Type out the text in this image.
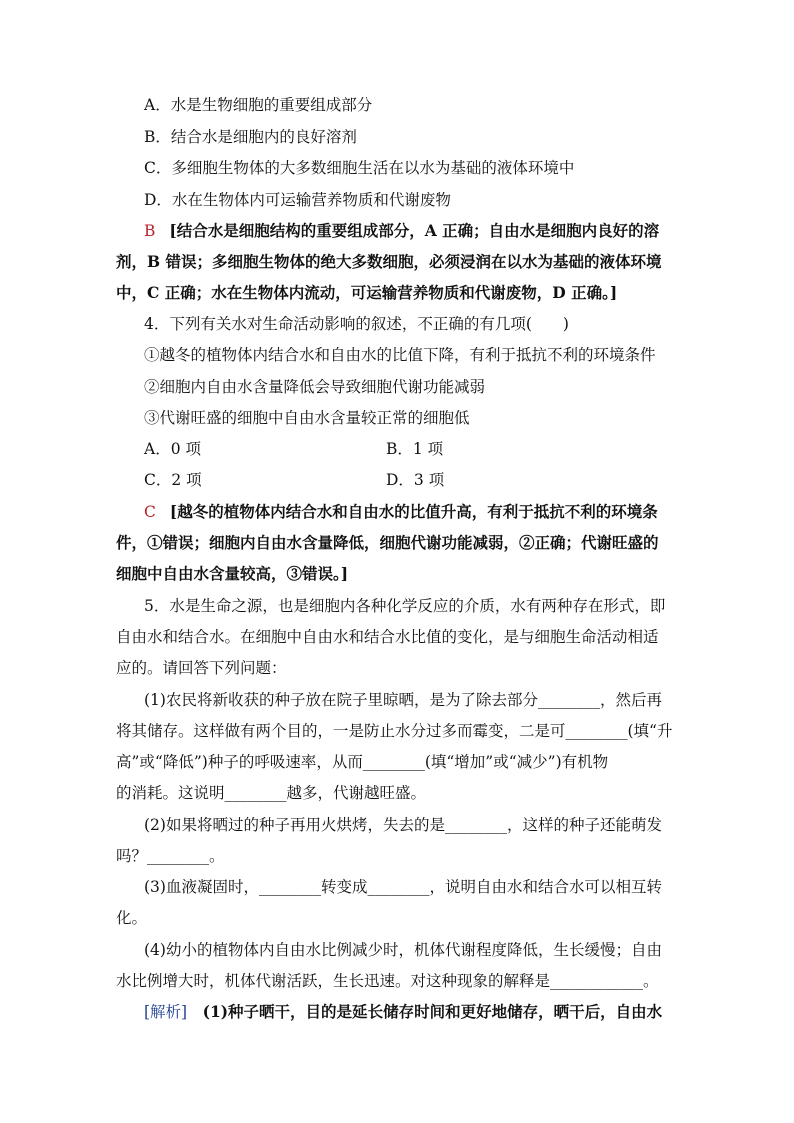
A．水是生物细胞的重要组成部分
B．结合水是细胞内的良好溶剂
C．多细胞生物体的大多数细胞生活在以水为基础的液体环境中
D．水在生物体内可运输营养物质和代谢废物
B [结合水是细胞结构的重要组成部分，A 正确；自由水是细胞内良好的溶
剂，B 错误；多细胞生物体的绝大多数细胞，必须浸润在以水为基础的液体环境
中，C 正确；水在生物体内流动，可运输营养物质和代谢废物，D 正确。]
4．下列有关水对生命活动影响的叙述，不正确的有几项(　　)
①越冬的植物体内结合水和自由水的比值下降，有利于抵抗不利的环境条件
②细胞内自由水含量降低会导致细胞代谢功能减弱
③代谢旺盛的细胞中自由水含量较正常的细胞低
A．0 项	B．1 项
C．2 项	D．3 项
C [越冬的植物体内结合水和自由水的比值升高，有利于抵抗不利的环境条
件，①错误；细胞内自由水含量降低，细胞代谢功能减弱，②正确；代谢旺盛的
细胞中自由水含量较高，③错误。]
5．水是生命之源，也是细胞内各种化学反应的介质，水有两种存在形式，即
自由水和结合水。在细胞中自由水和结合水比值的变化，是与细胞生命活动相适
应的。请回答下列问题：
(1)农民将新收获的种子放在院子里晾晒，是为了除去部分________，然后再
将其储存。这样做有两个目的，一是防止水分过多而霉变，二是可________(填“升
高”或“降低”)种子的呼吸速率，从而________(填“增加”或“减少”)有机物
的消耗。这说明________越多，代谢越旺盛。
(2)如果将晒过的种子再用火烘烤，失去的是________，这样的种子还能萌发
吗？________。
(3)血液凝固时，________转变成________，说明自由水和结合水可以相互转
化。
(4)幼小的植物体内自由水比例减少时，机体代谢程度降低，生长缓慢；自由
水比例增大时，机体代谢活跃，生长迅速。对这种现象的解释是____________。
[解析]　(1)种子晒干，目的是延长储存时间和更好地储存，晒干后，自由水
